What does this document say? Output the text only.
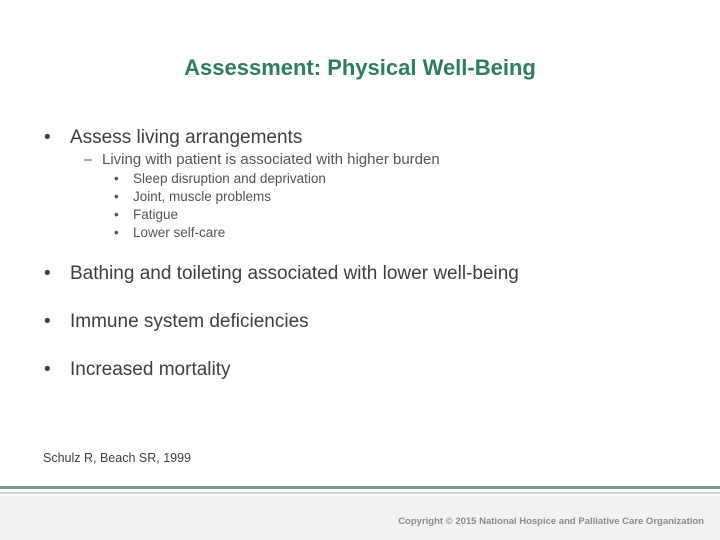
Assessment: Physical Well-Being
• Assess living arrangements
– Living with patient is associated with higher burden
• Sleep disruption and deprivation
• Joint, muscle problems
• Fatigue
• Lower self-care
• Bathing and toileting associated with lower well-being
• Immune system deficiencies
• Increased mortality
Schulz R, Beach SR, 1999
Copyright © 2015 National Hospice and Palliative Care Organization
